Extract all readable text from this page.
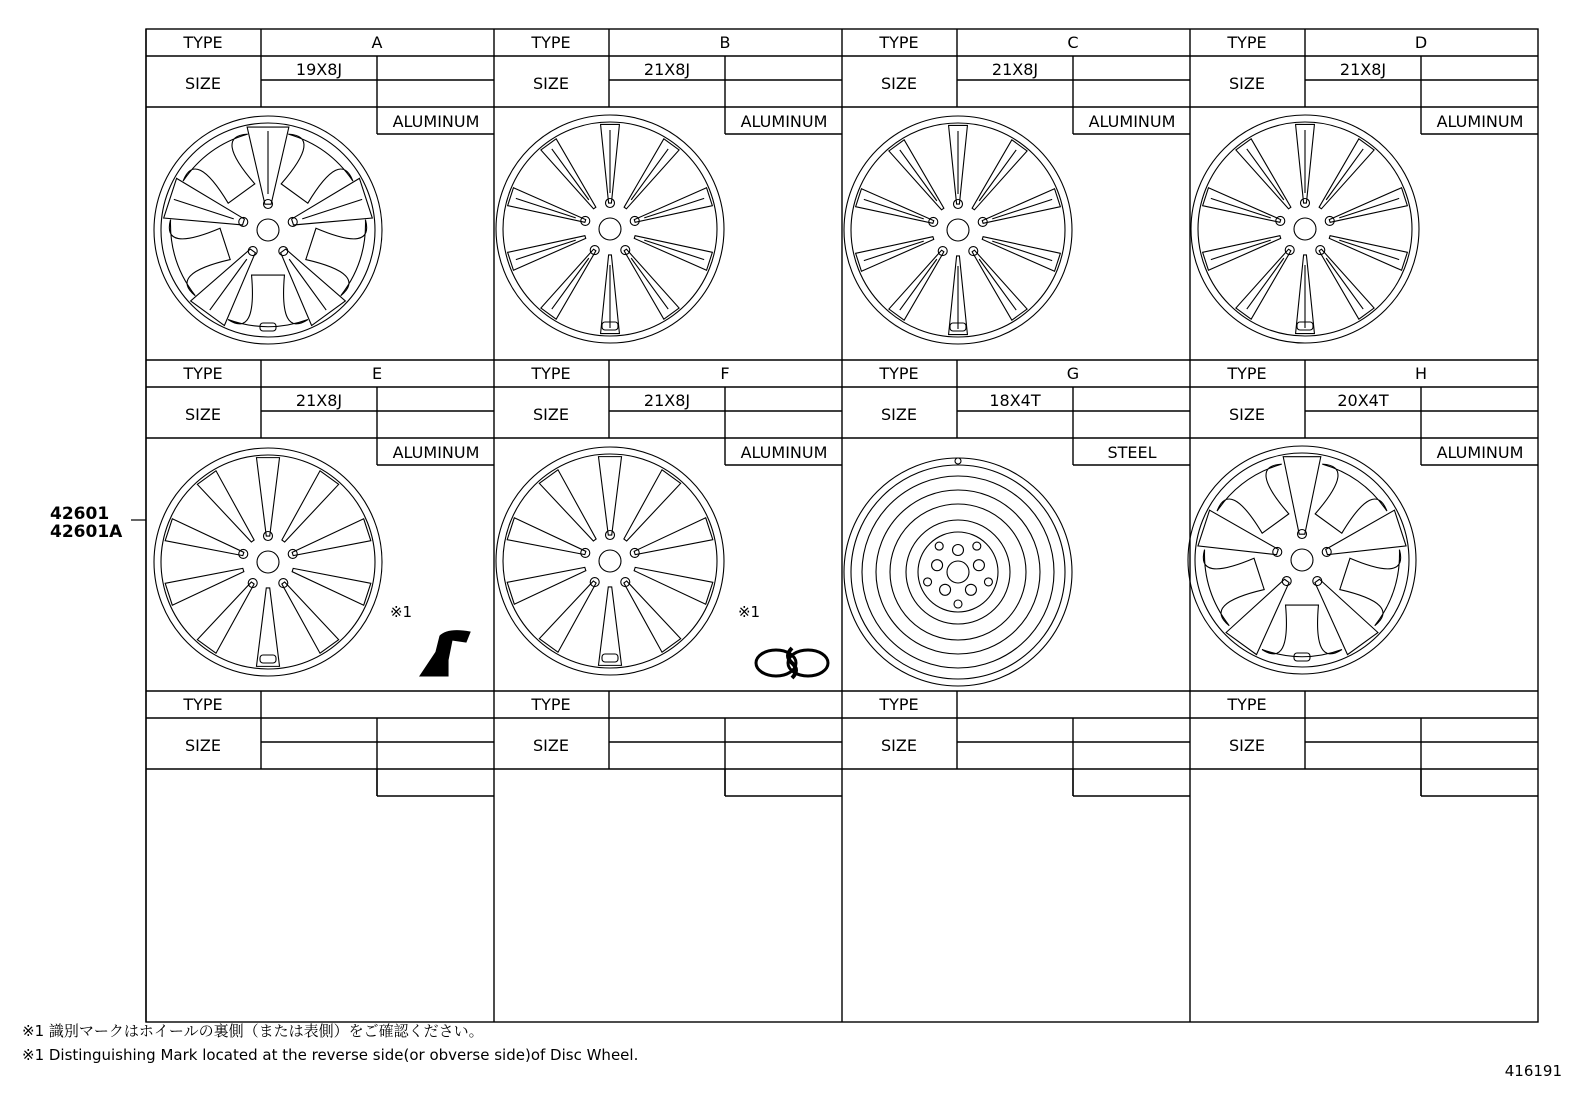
TYPE
SIZE
A
19X8J
ALUMINUM
TYPE
SIZE
B
21X8J
ALUMINUM
TYPE
SIZE
C
21X8J
ALUMINUM
TYPE
SIZE
D
21X8J
ALUMINUM
TYPE
SIZE
E
21X8J
ALUMINUM
※1
TYPE
SIZE
F
21X8J
ALUMINUM
※1
TYPE
SIZE
G
18X4T
STEEL
TYPE
SIZE
H
20X4T
ALUMINUM
TYPE
SIZE
TYPE
SIZE
TYPE
SIZE
TYPE
SIZE
42601
42601A
※1 識別マークはホイールの裏側（または表側）をご確認ください。
※1 Distinguishing Mark located at the reverse side(or obverse side)of Disc Wheel.
416191
